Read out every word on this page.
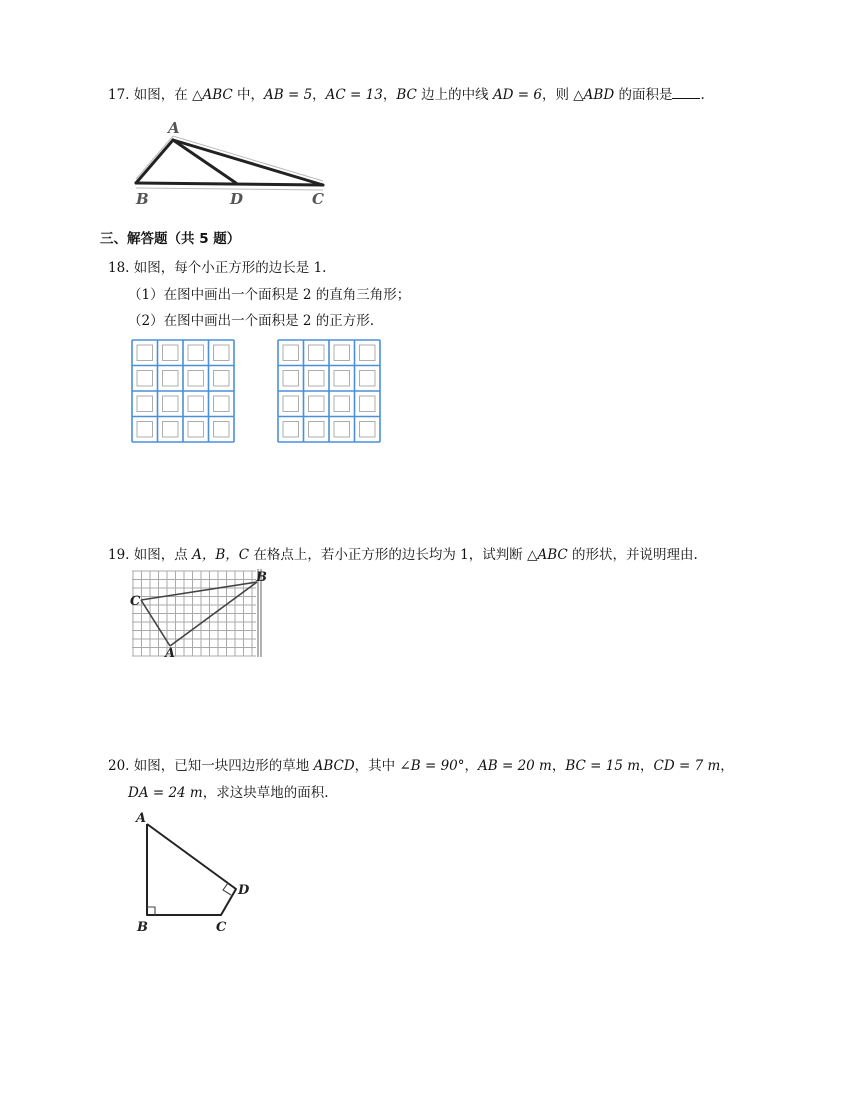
17. 如图，在 △ABC 中，AB = 5，AC = 13，BC 边上的中线 AD = 6，则 △ABD 的面积是 .
A
B	D	C
三、解答题（共 5 题）
18. 如图，每个小正方形的边长是 1.
（1）在图中画出一个面积是 2 的直角三角形；
（2）在图中画出一个面积是 2 的正方形.
19. 如图，点 A，B，C 在格点上，若小正方形的边长均为 1，试判断 △ABC 的形状，并说明理由.
C
B
A
20. 如图，已知一块四边形的草地 ABCD，其中 ∠B = 90°，AB = 20 m，BC = 15 m，CD = 7 m，
DA = 24 m，求这块草地的面积.
A
B	C
D
